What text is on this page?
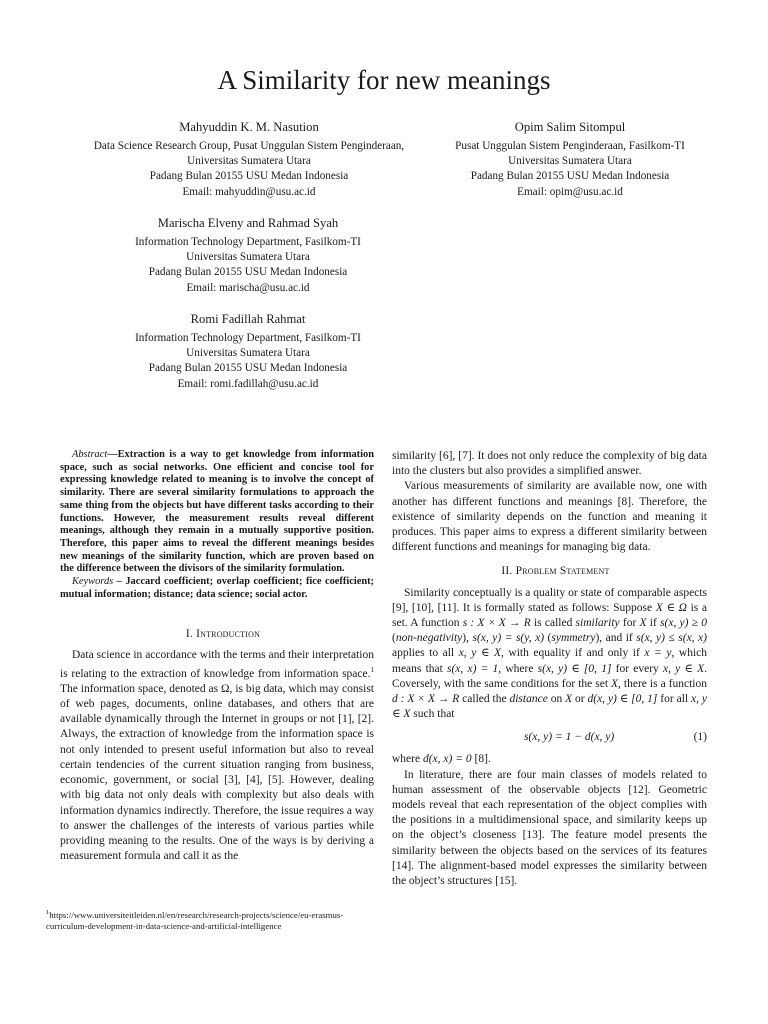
A Similarity for new meanings
Mahyuddin K. M. Nasution
Data Science Research Group, Pusat Unggulan Sistem Penginderaan,
Universitas Sumatera Utara
Padang Bulan 20155 USU Medan Indonesia
Email: mahyuddin@usu.ac.id
Opim Salim Sitompul
Pusat Unggulan Sistem Penginderaan, Fasilkom-TI
Universitas Sumatera Utara
Padang Bulan 20155 USU Medan Indonesia
Email: opim@usu.ac.id
Marischa Elveny and Rahmad Syah
Information Technology Department, Fasilkom-TI
Universitas Sumatera Utara
Padang Bulan 20155 USU Medan Indonesia
Email: marischa@usu.ac.id
Romi Fadillah Rahmat
Information Technology Department, Fasilkom-TI
Universitas Sumatera Utara
Padang Bulan 20155 USU Medan Indonesia
Email: romi.fadillah@usu.ac.id

Abstract—Extraction is a way to get knowledge from information space, such as social networks. One efficient and concise tool for expressing knowledge related to meaning is to involve the concept of similarity. There are several similarity formulations to approach the same thing from the objects but have different tasks according to their functions. However, the measurement results reveal different meanings, although they remain in a mutually supportive position. Therefore, this paper aims to reveal the different meanings besides new meanings of the similarity function, which are proven based on the difference between the divisors of the similarity formulation.

Keywords – Jaccard coefficient; overlap coefficient; fice coefficient; mutual information; distance; data science; social actor.

I. Introduction

Data science in accordance with the terms and their interpretation is relating to the extraction of knowledge from information space.$^1$ The information space, denoted as Ω, is big data, which may consist of web pages, documents, online databases, and others that are available dynamically through the Internet in groups or not [1], [2]. Always, the extraction of knowledge from the information space is not only intended to present useful information but also to reveal certain tendencies of the current situation ranging from business, economic, government, or social [3], [4], [5]. However, dealing with big data not only deals with complexity but also deals with information dynamics indirectly. Therefore, the issue requires a way to answer the challenges of the interests of various parties while providing meaning to the results. One of the ways is by deriving a measurement formula and call it as the

$^1$https://www.universiteitleiden.nl/en/research/research-projects/science/eu-erasmus-curriculum-development-in-data-science-and-artificial-intelligence

similarity [6], [7]. It does not only reduce the complexity of big data into the clusters but also provides a simplified answer.

Various measurements of similarity are available now, one with another has different functions and meanings [8]. Therefore, the existence of similarity depends on the function and meaning it produces. This paper aims to express a different similarity between different functions and meanings for managing big data.

II. Problem Statement

Similarity conceptually is a quality or state of comparable aspects [9], [10], [11]. It is formally stated as follows: Suppose X ∈ Ω is a set. A function s : X × X → R is called similarity for X if s(x, y) ≥ 0 (non-negativity), s(x, y) = s(y, x) (symmetry), and if s(x, y) ≤ s(x, x) applies to all x, y ∈ X, with equality if and only if x = y, which means that s(x, x) = 1, where s(x, y) ∈ [0, 1] for every x, y ∈ X. Coversely, with the same conditions for the set X, there is a function d : X × X → R called the distance on X or d(x, y) ∈ [0, 1] for all x, y ∈ X such that

s(x, y) = 1 − d(x, y)	(1)

where d(x, x) = 0 [8].

In literature, there are four main classes of models related to human assessment of the observable objects [12]. Geometric models reveal that each representation of the object complies with the positions in a multidimensional space, and similarity keeps up on the object’s closeness [13]. The feature model presents the similarity between the objects based on the services of its features [14]. The alignment-based model expresses the similarity between the object’s structures [15].
